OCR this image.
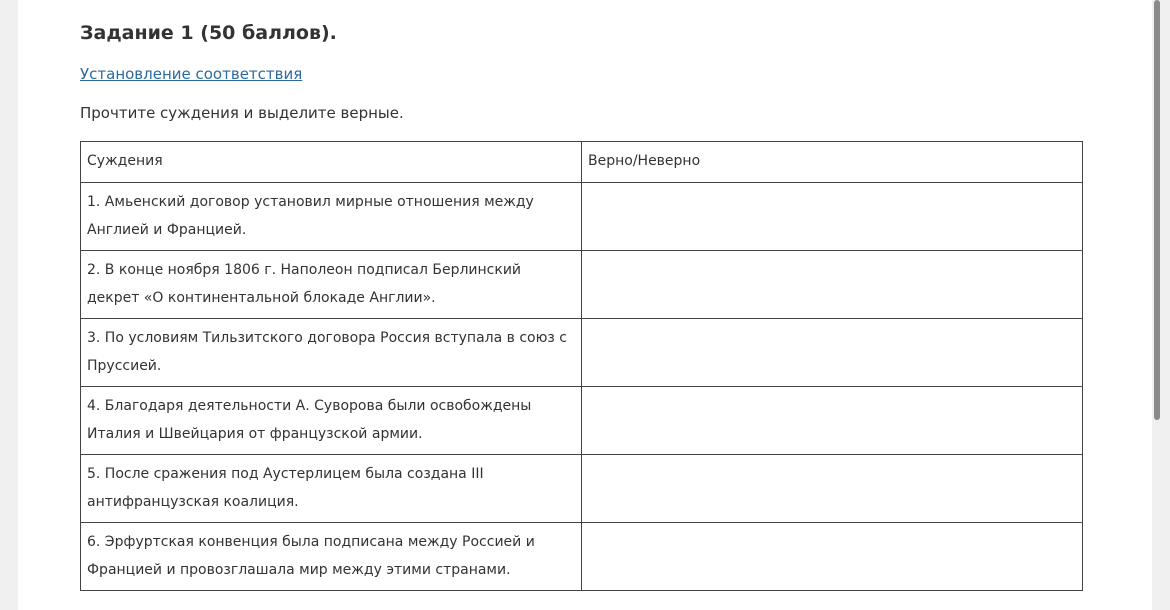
Задание 1 (50 баллов).
Установление соответствия
Прочтите суждения и выделите верные.
Суждения	Верно/Неверно
1. Амьенский договор установил мирные отношения между Англией и Францией.	
2. В конце ноября 1806 г. Наполеон подписал Берлинский декрет «О континентальной блокаде Англии».	
3. По условиям Тильзитского договора Россия вступала в союз с Пруссией.	
4. Благодаря деятельности А. Суворова были освобождены Италия и Швейцария от французской армии.	
5. После сражения под Аустерлицем была создана III антифранцузская коалиция.	
6. Эрфуртская конвенция была подписана между Россией и Францией и провозглашала мир между этими странами.	
